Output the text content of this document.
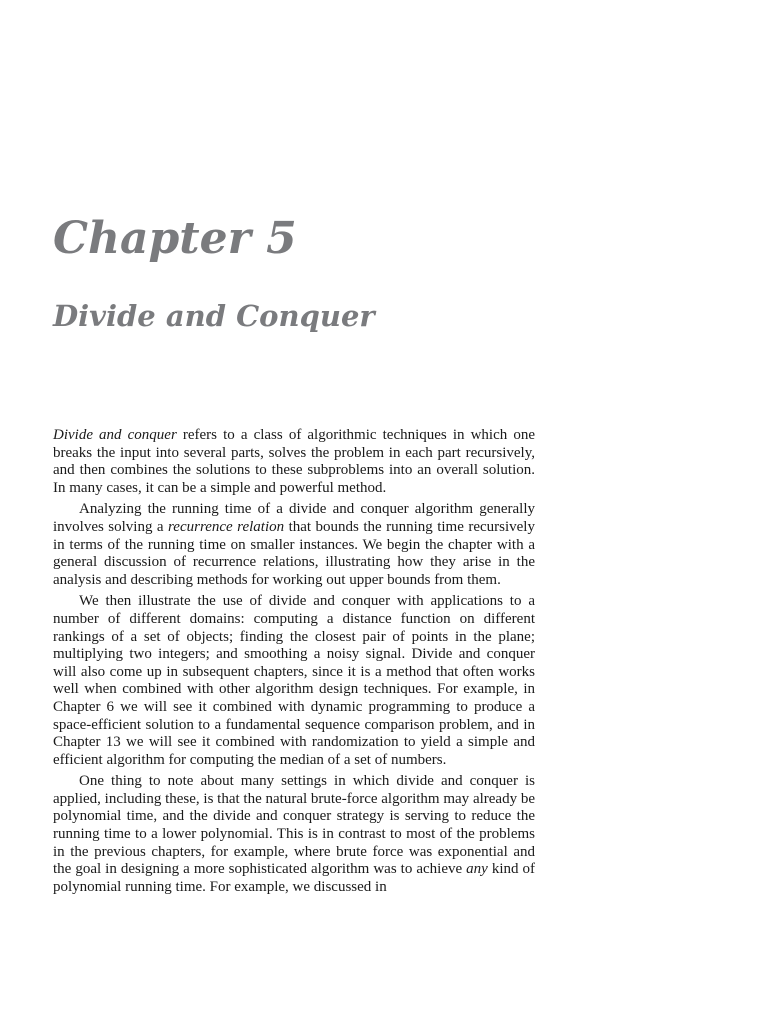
Chapter 5
Divide and Conquer

Divide and conquer refers to a class of algorithmic techniques in which one breaks the input into several parts, solves the problem in each part recursively, and then combines the solutions to these subproblems into an overall solution. In many cases, it can be a simple and powerful method.

Analyzing the running time of a divide and conquer algorithm generally involves solving a recurrence relation that bounds the running time recursively in terms of the running time on smaller instances. We begin the chapter with a general discussion of recurrence relations, illustrating how they arise in the analysis and describing methods for working out upper bounds from them.

We then illustrate the use of divide and conquer with applications to a number of different domains: computing a distance function on different rankings of a set of objects; finding the closest pair of points in the plane; multiplying two integers; and smoothing a noisy signal. Divide and conquer will also come up in subsequent chapters, since it is a method that often works well when combined with other algorithm design techniques. For example, in Chapter 6 we will see it combined with dynamic programming to produce a space-efficient solution to a fundamental sequence comparison problem, and in Chapter 13 we will see it combined with randomization to yield a simple and efficient algorithm for computing the median of a set of numbers.

One thing to note about many settings in which divide and conquer is applied, including these, is that the natural brute-force algorithm may already be polynomial time, and the divide and conquer strategy is serving to reduce the running time to a lower polynomial. This is in contrast to most of the problems in the previous chapters, for example, where brute force was exponential and the goal in designing a more sophisticated algorithm was to achieve any kind of polynomial running time. For example, we discussed in
